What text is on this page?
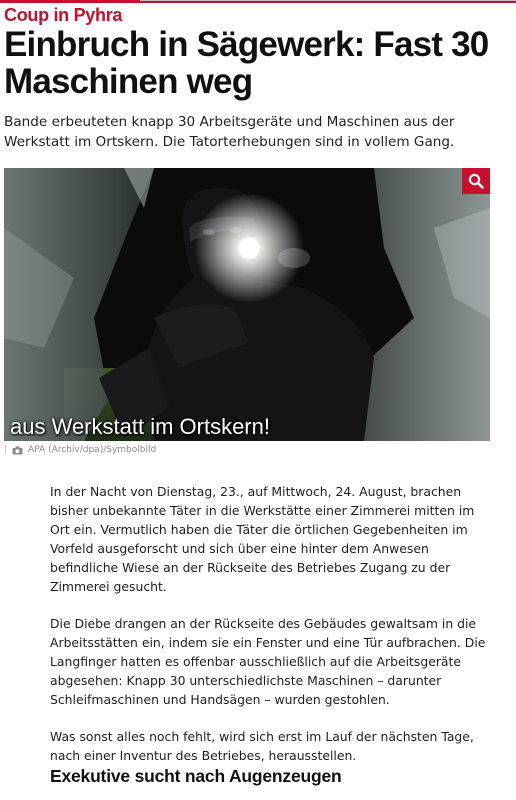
Coup in Pyhra
Einbruch in Sägewerk: Fast 30 Maschinen weg

Bande erbeuteten knapp 30 Arbeitsgeräte und Maschinen aus der Werkstatt im Ortskern. Die Tatorterhebungen sind in vollem Gang.

aus Werkstatt im Ortskern!
| APA (Archiv/dpa)/Symbolbild

In der Nacht von Dienstag, 23., auf Mittwoch, 24. August, brachen bisher unbekannte Täter in die Werkstätte einer Zimmerei mitten im Ort ein. Vermutlich haben die Täter die örtlichen Gegebenheiten im Vorfeld ausgeforscht und sich über eine hinter dem Anwesen befindliche Wiese an der Rückseite des Betriebes Zugang zu der Zimmerei gesucht.

Die Diebe drangen an der Rückseite des Gebäudes gewaltsam in die Arbeitsstätten ein, indem sie ein Fenster und eine Tür aufbrachen. Die Langfinger hatten es offenbar ausschließlich auf die Arbeitsgeräte abgesehen: Knapp 30 unterschiedlichste Maschinen – darunter Schleifmaschinen und Handsägen – wurden gestohlen.

Was sonst alles noch fehlt, wird sich erst im Lauf der nächsten Tage, nach einer Inventur des Betriebes, herausstellen.

Exekutive sucht nach Augenzeugen
